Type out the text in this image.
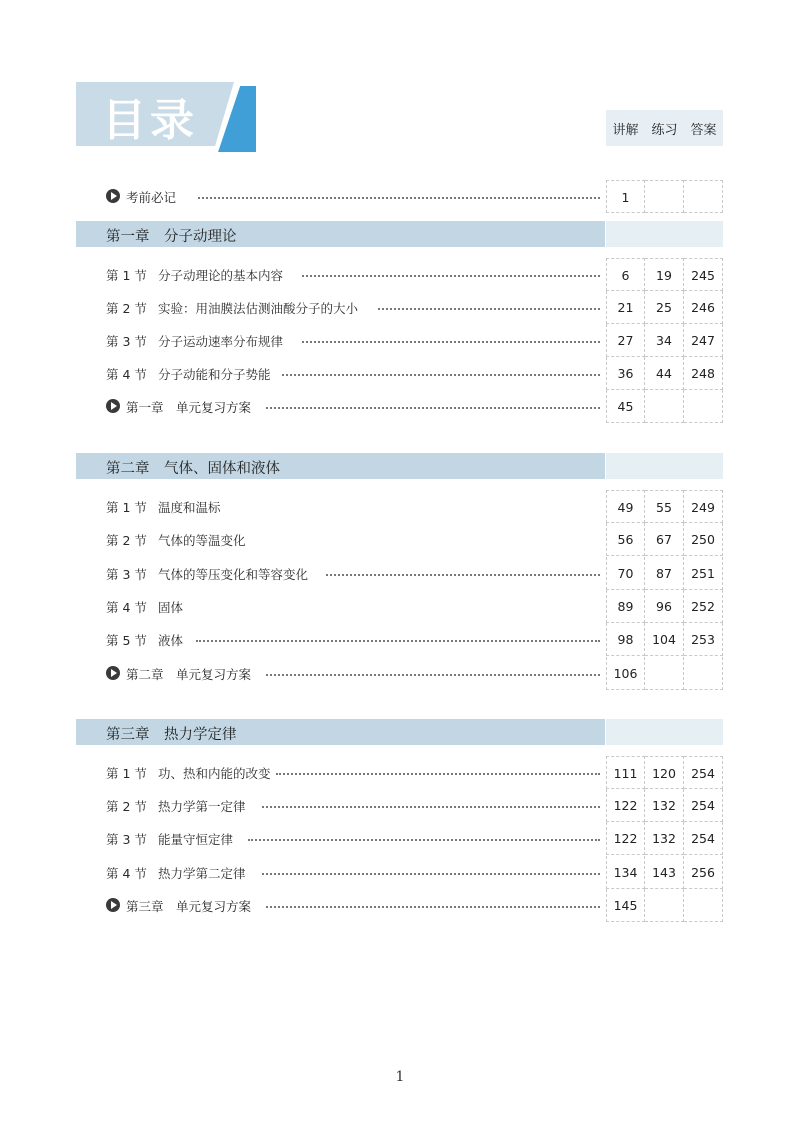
目录	讲解 练习 答案
考前必记	1
第一章　分子动理论
第 1 节 分子动理论的基本内容	6	19	245
第 2 节 实验：用油膜法估测油酸分子的大小	21	25	246
第 3 节 分子运动速率分布规律	27	34	247
第 4 节 分子动能和分子势能	36	44	248
第一章　单元复习方案	45
第二章　气体、固体和液体
第 1 节 温度和温标	49	55	249
第 2 节 气体的等温变化	56	67	250
第 3 节 气体的等压变化和等容变化	70	87	251
第 4 节 固体	89	96	252
第 5 节 液体	98	104	253
第二章　单元复习方案	106
第三章　热力学定律
第 1 节 功、热和内能的改变	111	120	254
第 2 节 热力学第一定律	122	132	254
第 3 节 能量守恒定律	122	132	254
第 4 节 热力学第二定律	134	143	256
第三章　单元复习方案	145
1
